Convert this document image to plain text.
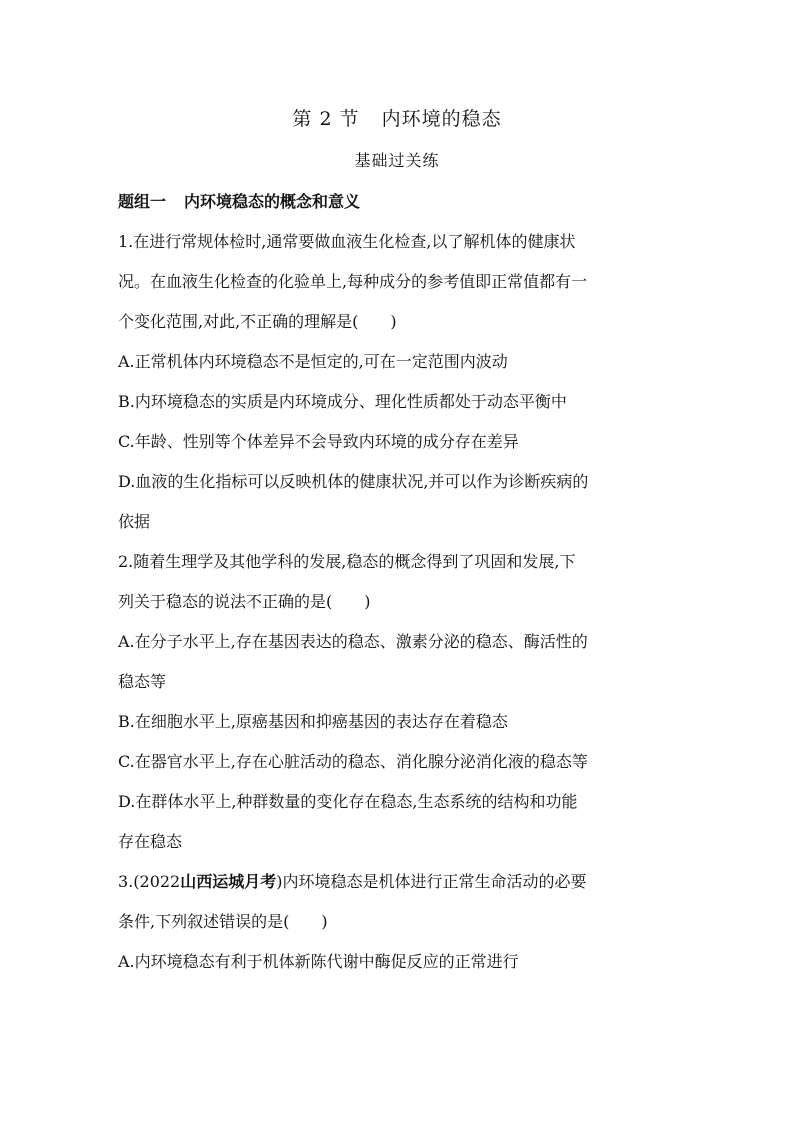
第 2 节 内环境的稳态
基础过关练
题组一 内环境稳态的概念和意义
1.在进行常规体检时,通常要做血液生化检查,以了解机体的健康状
况。在血液生化检查的化验单上,每种成分的参考值即正常值都有一
个变化范围,对此,不正确的理解是(　　)
A.正常机体内环境稳态不是恒定的,可在一定范围内波动
B.内环境稳态的实质是内环境成分、理化性质都处于动态平衡中
C.年龄、性别等个体差异不会导致内环境的成分存在差异
D.血液的生化指标可以反映机体的健康状况,并可以作为诊断疾病的
依据
2.随着生理学及其他学科的发展,稳态的概念得到了巩固和发展,下
列关于稳态的说法不正确的是(　　)
A.在分子水平上,存在基因表达的稳态、激素分泌的稳态、酶活性的
稳态等
B.在细胞水平上,原癌基因和抑癌基因的表达存在着稳态
C.在器官水平上,存在心脏活动的稳态、消化腺分泌消化液的稳态等
D.在群体水平上,种群数量的变化存在稳态,生态系统的结构和功能
存在稳态
3.(2022山西运城月考)内环境稳态是机体进行正常生命活动的必要
条件,下列叙述错误的是(　　)
A.内环境稳态有利于机体新陈代谢中酶促反应的正常进行
